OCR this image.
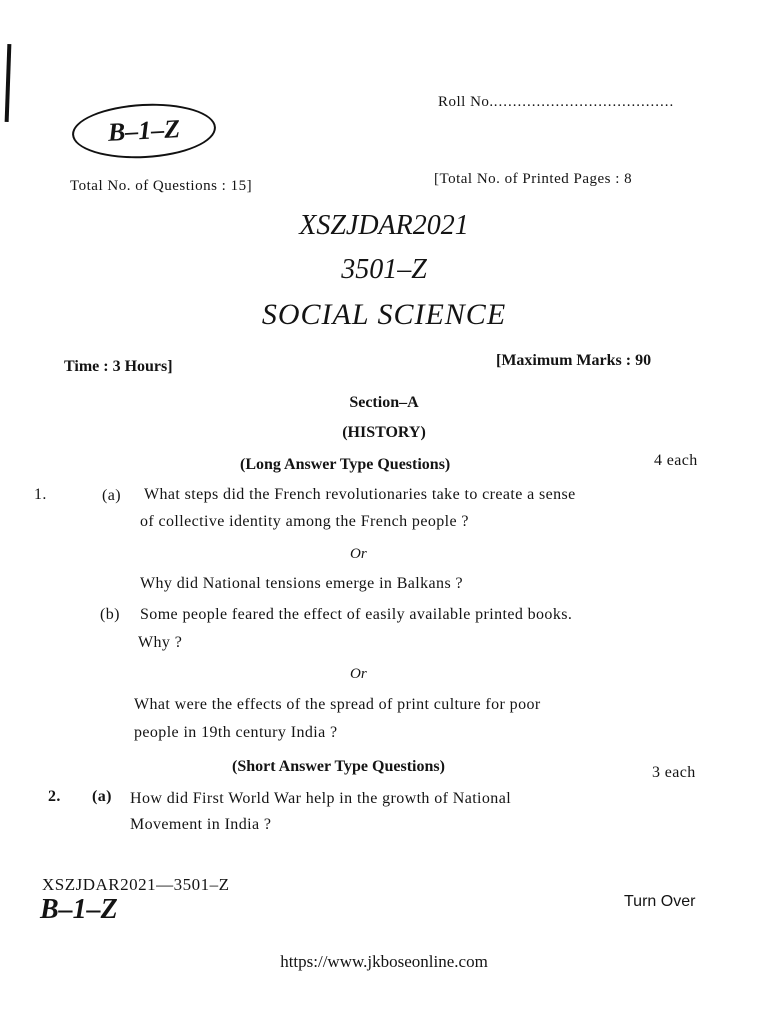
Roll No.......................................
B–1–Z
Total No. of Questions : 15]	[Total No. of Printed Pages : 8
XSZJDAR2021
3501–Z
SOCIAL SCIENCE
Time : 3 Hours]	[Maximum Marks : 90
Section–A
(HISTORY)
(Long Answer Type Questions)	4 each
1.	(a) What steps did the French revolutionaries take to create a sense
of collective identity among the French people ?
Or
Why did National tensions emerge in Balkans ?
(b) Some people feared the effect of easily available printed books.
Why ?
Or
What were the effects of the spread of print culture for poor
people in 19th century India ?
(Short Answer Type Questions)	3 each
2. (a) How did First World War help in the growth of National
Movement in India ?
XSZJDAR2021—3501–Z
B–1–Z	Turn Over
https://www.jkboseonline.com
